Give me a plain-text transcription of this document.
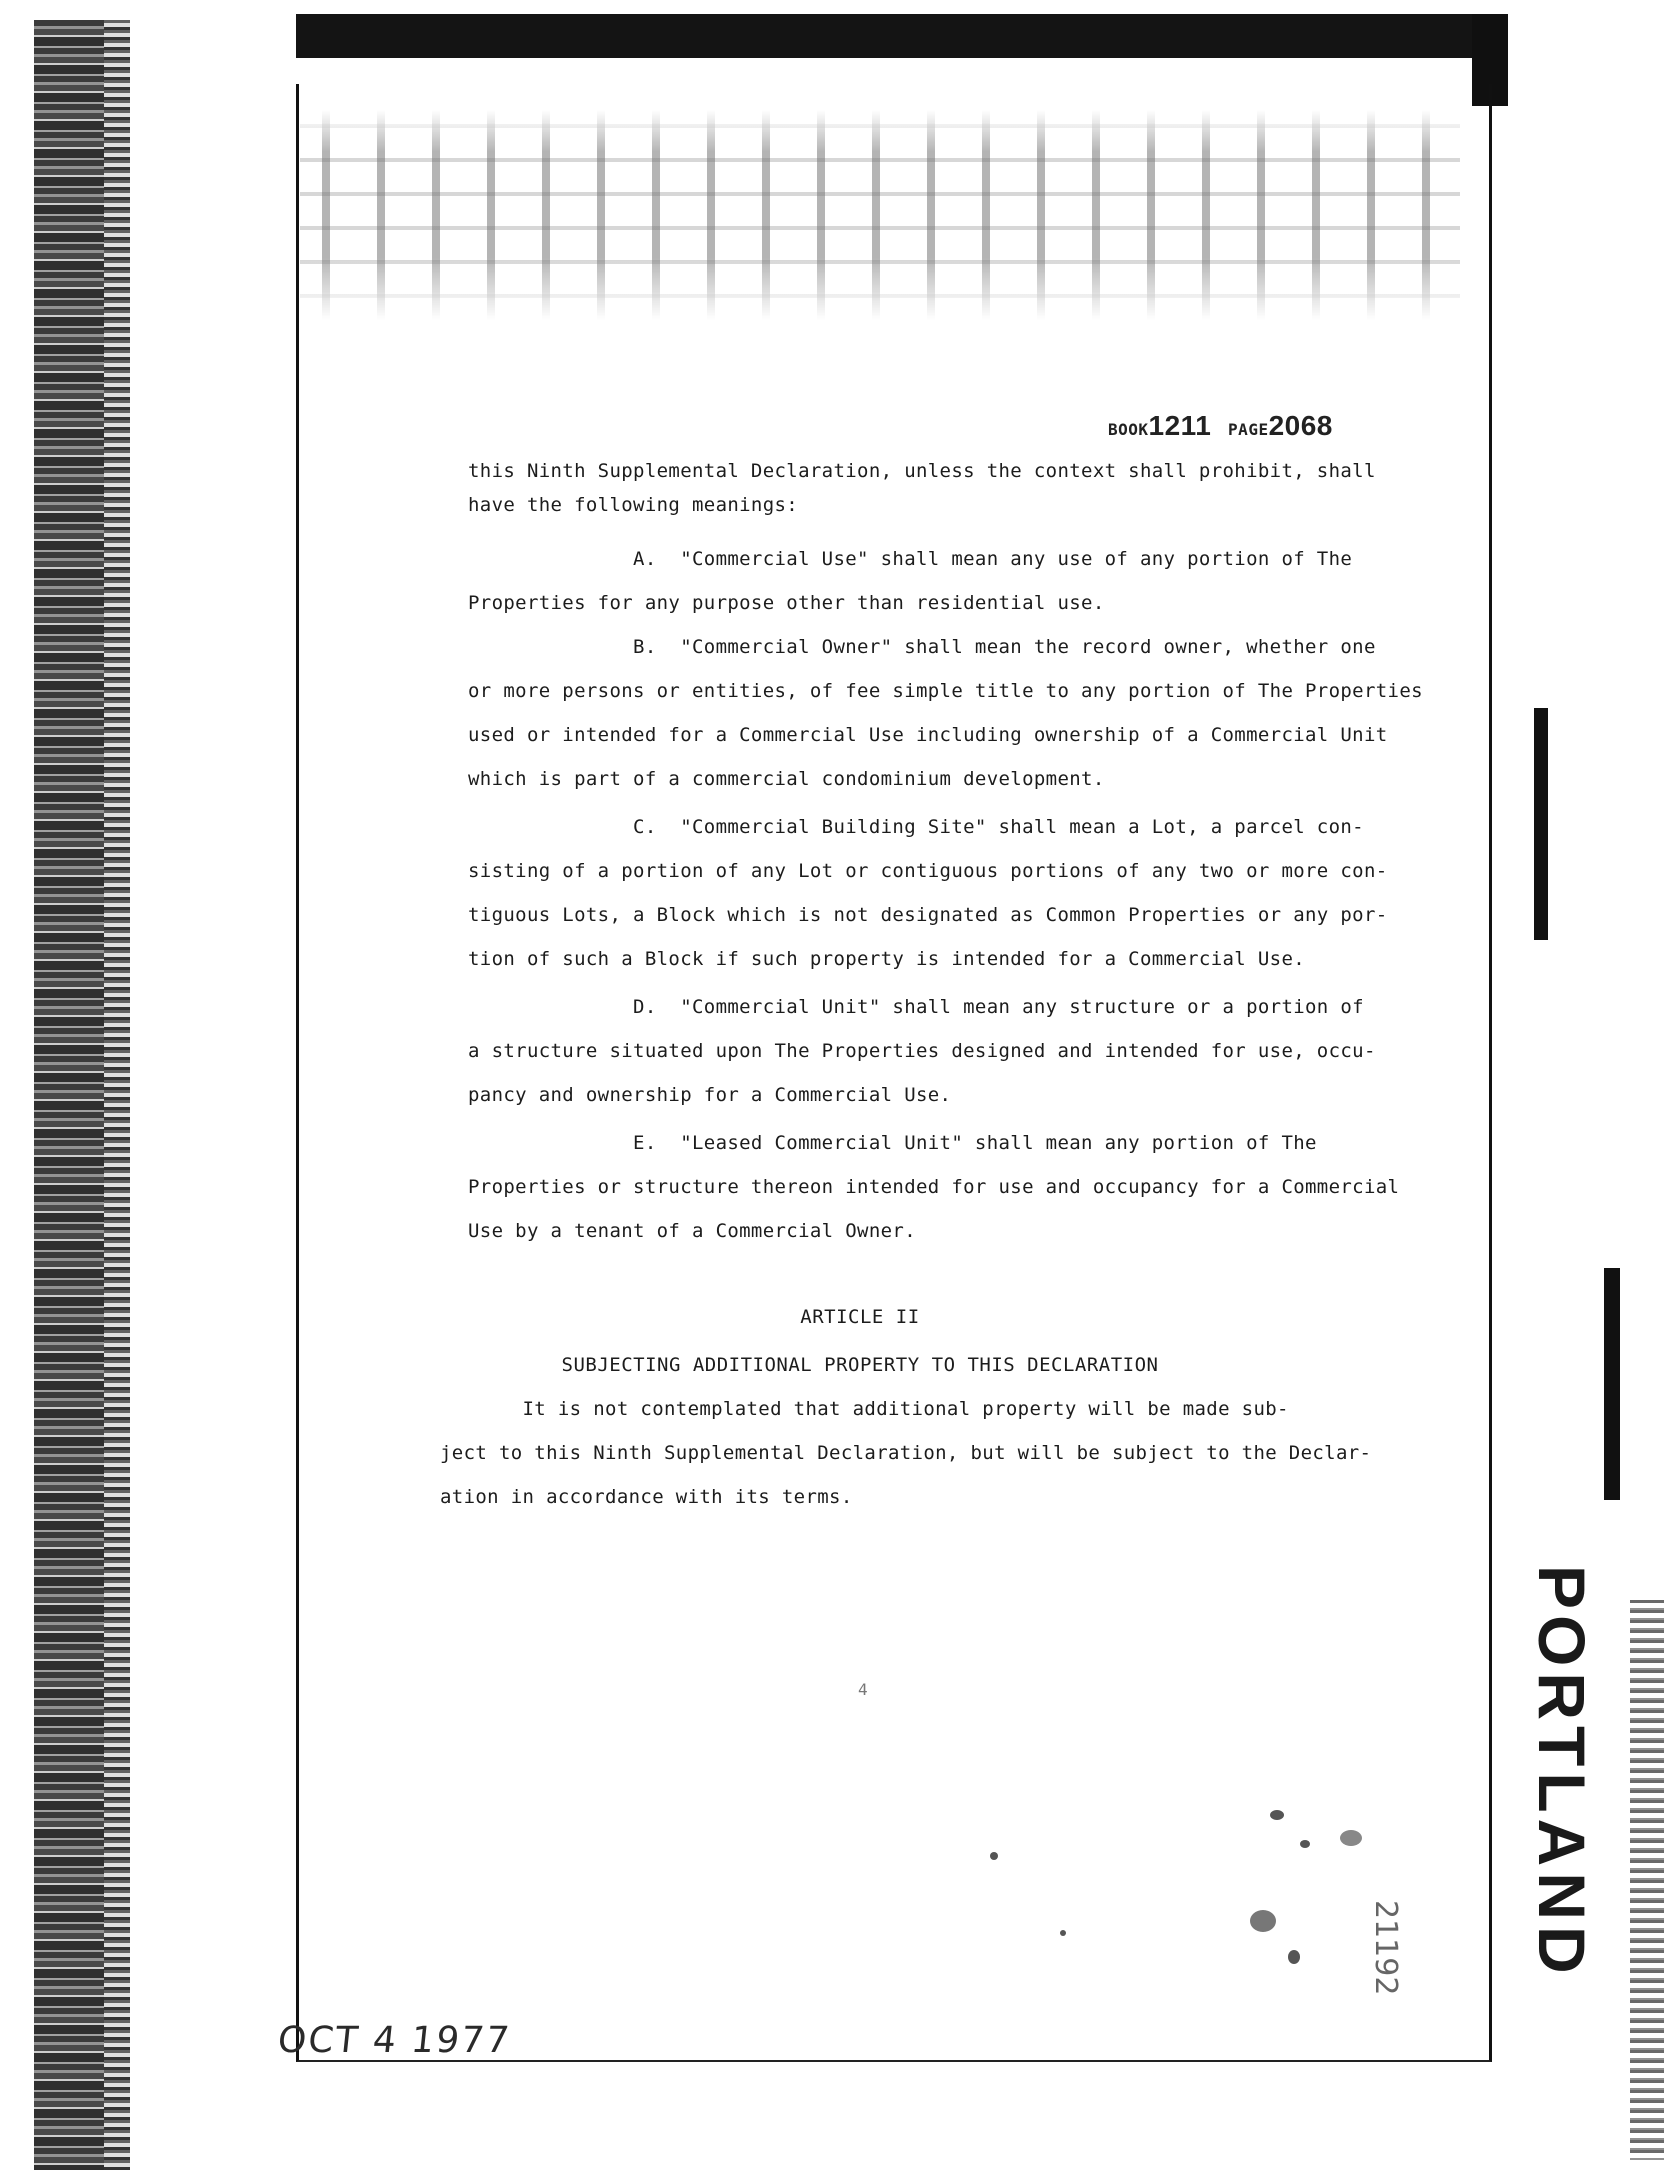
BOOK1211 PAGE2068
this Ninth Supplemental Declaration, unless the context shall prohibit, shall
have the following meanings:
A.  "Commercial Use" shall mean any use of any portion of The
Properties for any purpose other than residential use.
B.  "Commercial Owner" shall mean the record owner, whether one
or more persons or entities, of fee simple title to any portion of The Properties
used or intended for a Commercial Use including ownership of a Commercial Unit
which is part of a commercial condominium development.
C.  "Commercial Building Site" shall mean a Lot, a parcel con-
sisting of a portion of any Lot or contiguous portions of any two or more con-
tiguous Lots, a Block which is not designated as Common Properties or any por-
tion of such a Block if such property is intended for a Commercial Use.
D.  "Commercial Unit" shall mean any structure or a portion of
a structure situated upon The Properties designed and intended for use, occu-
pancy and ownership for a Commercial Use.
E.  "Leased Commercial Unit" shall mean any portion of The
Properties or structure thereon intended for use and occupancy for a Commercial
Use by a tenant of a Commercial Owner.
ARTICLE II
SUBJECTING ADDITIONAL PROPERTY TO THIS DECLARATION
It is not contemplated that additional property will be made sub-
ject to this Ninth Supplemental Declaration, but will be subject to the Declar-
ation in accordance with its terms.
4
OCT 4 1977
PORTLAND
21192
